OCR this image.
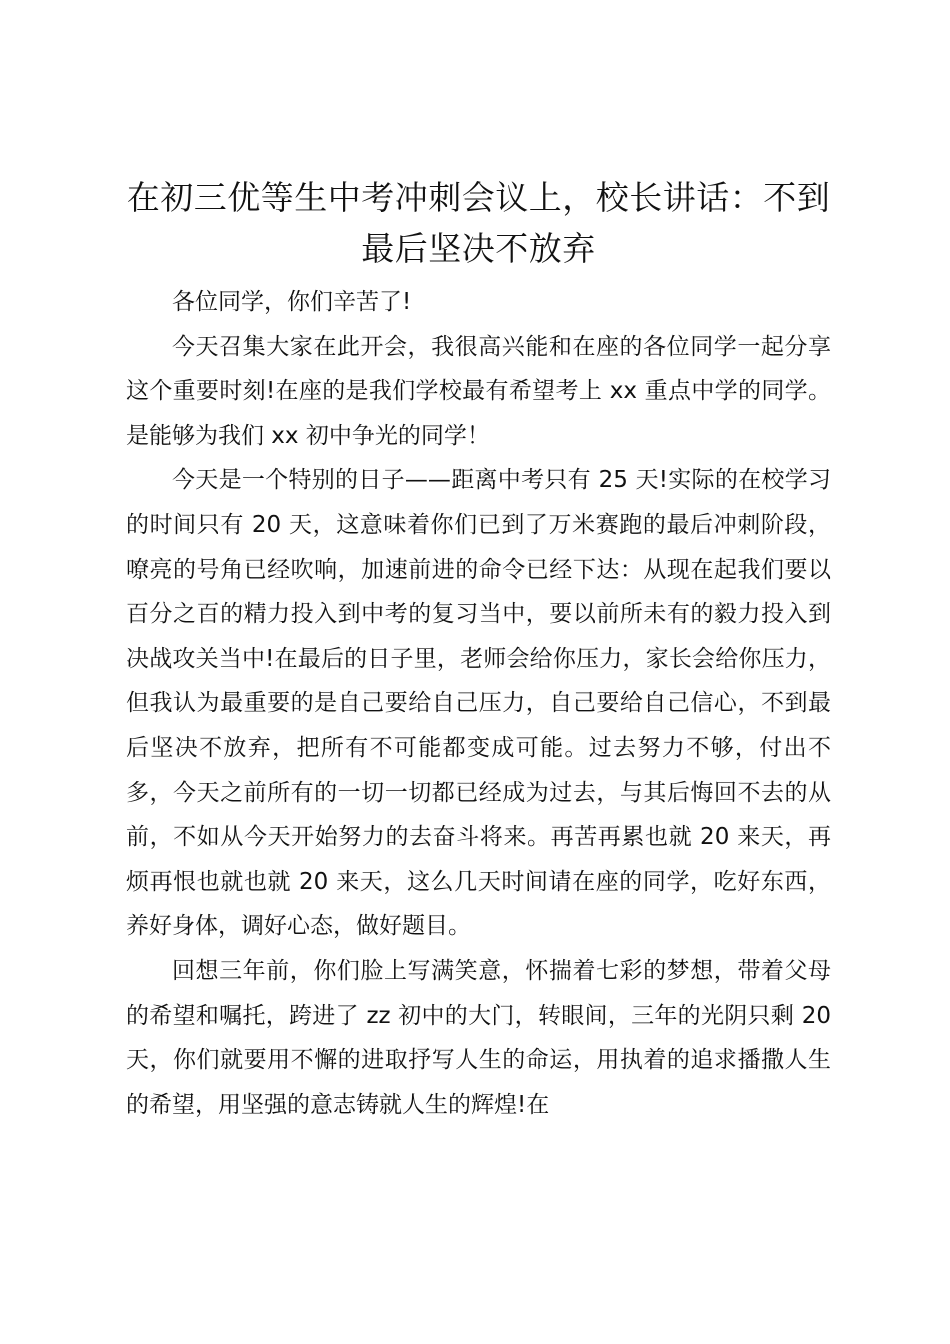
在初三优等生中考冲刺会议上，校长讲话：不到最后坚决不放弃

各位同学，你们辛苦了!

今天召集大家在此开会，我很高兴能和在座的各位同学一起分享这个重要时刻!在座的是我们学校最有希望考上 xx 重点中学的同学。是能够为我们 xx 初中争光的同学！

今天是一个特别的日子——距离中考只有 25 天!实际的在校学习的时间只有 20 天，这意味着你们已到了万米赛跑的最后冲刺阶段，嘹亮的号角已经吹响，加速前进的命令已经下达：从现在起我们要以百分之百的精力投入到中考的复习当中，要以前所未有的毅力投入到决战攻关当中!在最后的日子里，老师会给你压力，家长会给你压力，但我认为最重要的是自己要给自己压力，自己要给自己信心，不到最后坚决不放弃，把所有不可能都变成可能。过去努力不够，付出不多，今天之前所有的一切一切都已经成为过去，与其后悔回不去的从前，不如从今天开始努力的去奋斗将来。再苦再累也就 20 来天，再烦再恨也就也就 20 来天，这么几天时间请在座的同学，吃好东西，养好身体，调好心态，做好题目。

回想三年前，你们脸上写满笑意，怀揣着七彩的梦想，带着父母的希望和嘱托，跨进了 zz 初中的大门，转眼间，三年的光阴只剩 20 天，你们就要用不懈的进取抒写人生的命运，用执着的追求播撒人生的希望，用坚强的意志铸就人生的辉煌!在
